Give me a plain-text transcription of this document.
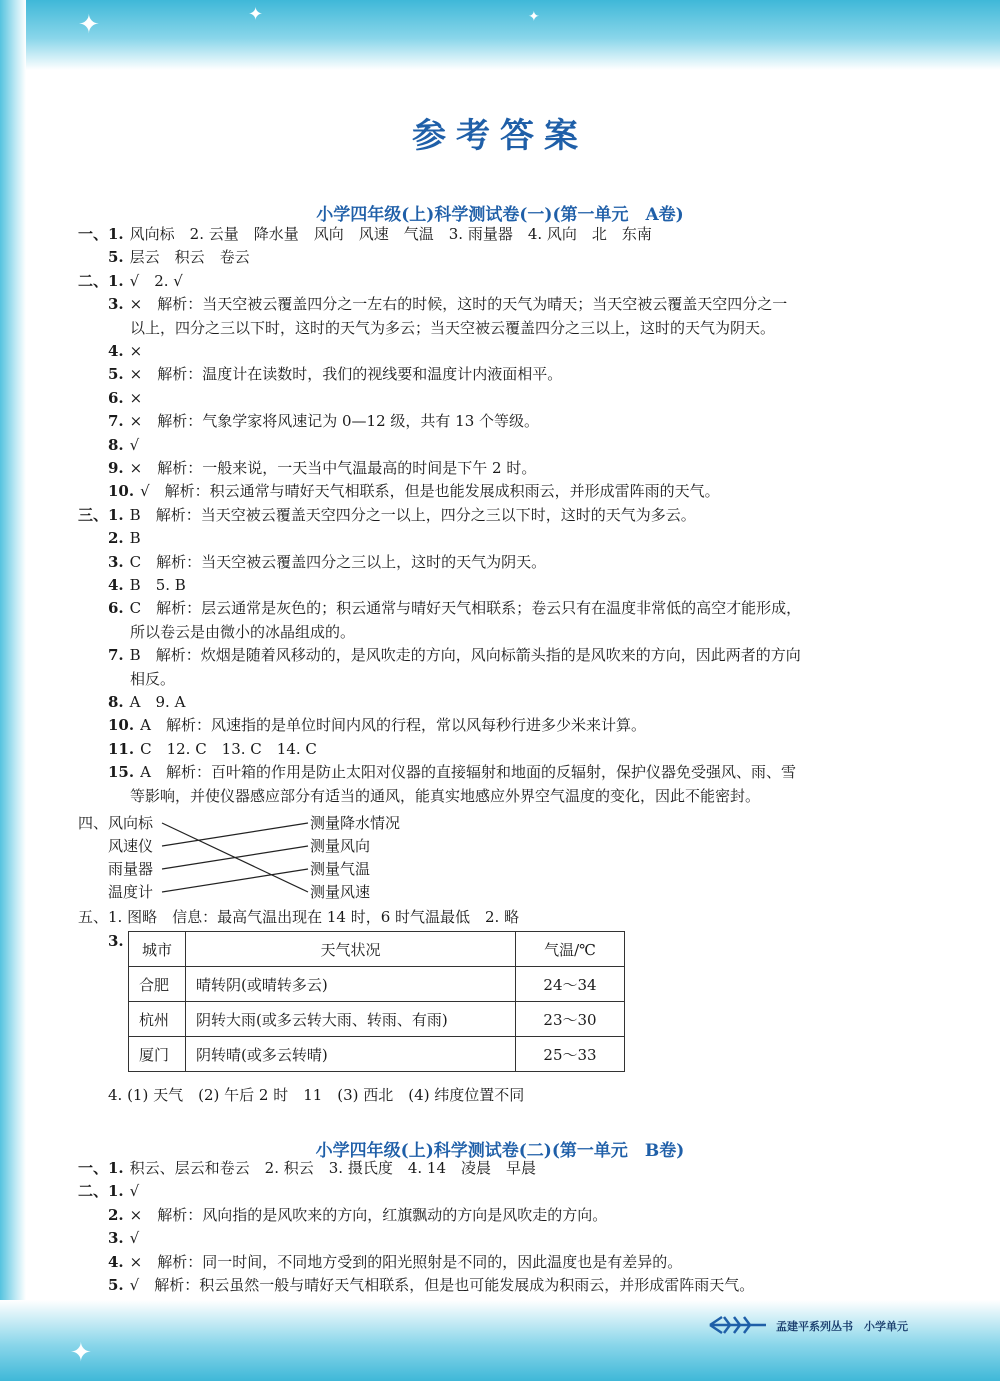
✦	✦	✦
✦
参考答案
小学四年级(上)科学测试卷(一)(第一单元　A卷)
一、1. 风向标　2. 云量　降水量　风向　风速　气温　3. 雨量器　4. 风向　北　东南
5. 层云　积云　卷云
二、1. √　2. √
3. ×　解析：当天空被云覆盖四分之一左右的时候，这时的天气为晴天；当天空被云覆盖天空四分之一
以上，四分之三以下时，这时的天气为多云；当天空被云覆盖四分之三以上，这时的天气为阴天。
4. ×
5. ×　解析：温度计在读数时，我们的视线要和温度计内液面相平。
6. ×
7. ×　解析：气象学家将风速记为 0—12 级，共有 13 个等级。
8. √
9. ×　解析：一般来说，一天当中气温最高的时间是下午 2 时。
10. √　解析：积云通常与晴好天气相联系，但是也能发展成积雨云，并形成雷阵雨的天气。
三、1. B　解析：当天空被云覆盖天空四分之一以上，四分之三以下时，这时的天气为多云。
2. B
3. C　解析：当天空被云覆盖四分之三以上，这时的天气为阴天。
4. B　5. B
6. C　解析：层云通常是灰色的；积云通常与晴好天气相联系；卷云只有在温度非常低的高空才能形成，
所以卷云是由微小的冰晶组成的。
7. B　解析：炊烟是随着风移动的，是风吹走的方向，风向标箭头指的是风吹来的方向，因此两者的方向
相反。
8. A　9. A
10. A　解析：风速指的是单位时间内风的行程，常以风每秒行进多少米来计算。
11. C　12. C　13. C　14. C
15. A　解析：百叶箱的作用是防止太阳对仪器的直接辐射和地面的反辐射，保护仪器免受强风、雨、雪
等影响，并使仪器感应部分有适当的通风，能真实地感应外界空气温度的变化，因此不能密封。
四、风向标
风速仪
雨量器
温度计
测量降水情况
测量风向
测量气温
测量风速
五、1. 图略　信息：最高气温出现在 14 时，6 时气温最低　2. 略
3. 城市	天气状况	气温/℃
合肥	晴转阴(或晴转多云)	24～34
杭州	阴转大雨(或多云转大雨、转雨、有雨)	23～30
厦门	阴转晴(或多云转晴)	25～33
4. (1) 天气　(2) 午后 2 时　11　(3) 西北　(4) 纬度位置不同
小学四年级(上)科学测试卷(二)(第一单元　B卷)
一、1. 积云、层云和卷云　2. 积云　3. 摄氏度　4. 14　凌晨　早晨
二、1. √
2. ×　解析：风向指的是风吹来的方向，红旗飘动的方向是风吹走的方向。
3. √
4. ×　解析：同一时间，不同地方受到的阳光照射是不同的，因此温度也是有差异的。
5. √　解析：积云虽然一般与晴好天气相联系，但是也可能发展成为积雨云，并形成雷阵雨天气。
孟建平系列丛书　小学单元
